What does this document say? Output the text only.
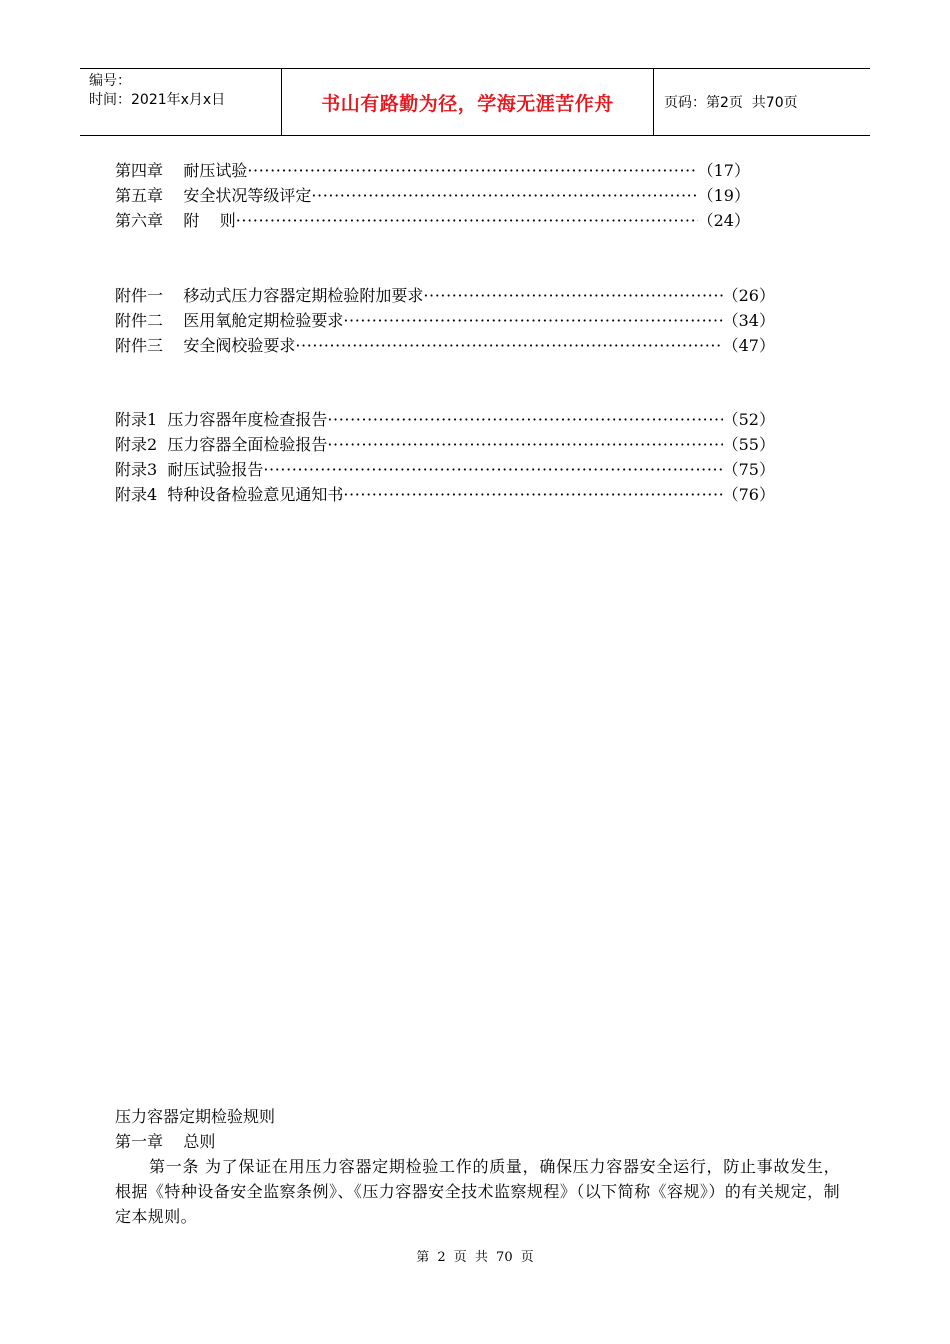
编号：
时间：2021年x月x日	书山有路勤为径，学海无涯苦作舟	页码：第2页  共70页
第四章    耐压试验 ·····	（17）
第五章    安全状况等级评定 ·····	（19）
第六章    附    则 ·····	（24）
附件一    移动式压力容器定期检验附加要求 ·····	（26）
附件二    医用氧舱定期检验要求 ·····	（34）
附件三    安全阀校验要求 ·····	（47）
附录1  压力容器年度检查报告 ·····	（52）
附录2  压力容器全面检验报告 ·····	（55）
附录3  耐压试验报告 ·····	（75）
附录4  特种设备检验意见通知书 ·····	（76）

压力容器定期检验规则

第一章    总则

第一条 为了保证在用压力容器定期检验工作的质量，确保压力容器安全运行，防止事故发生，根据《特种设备安全监察条例》、《压力容器安全技术监察规程》（以下简称《容规》）的有关规定，制定本规则。

第 2 页 共 70 页
